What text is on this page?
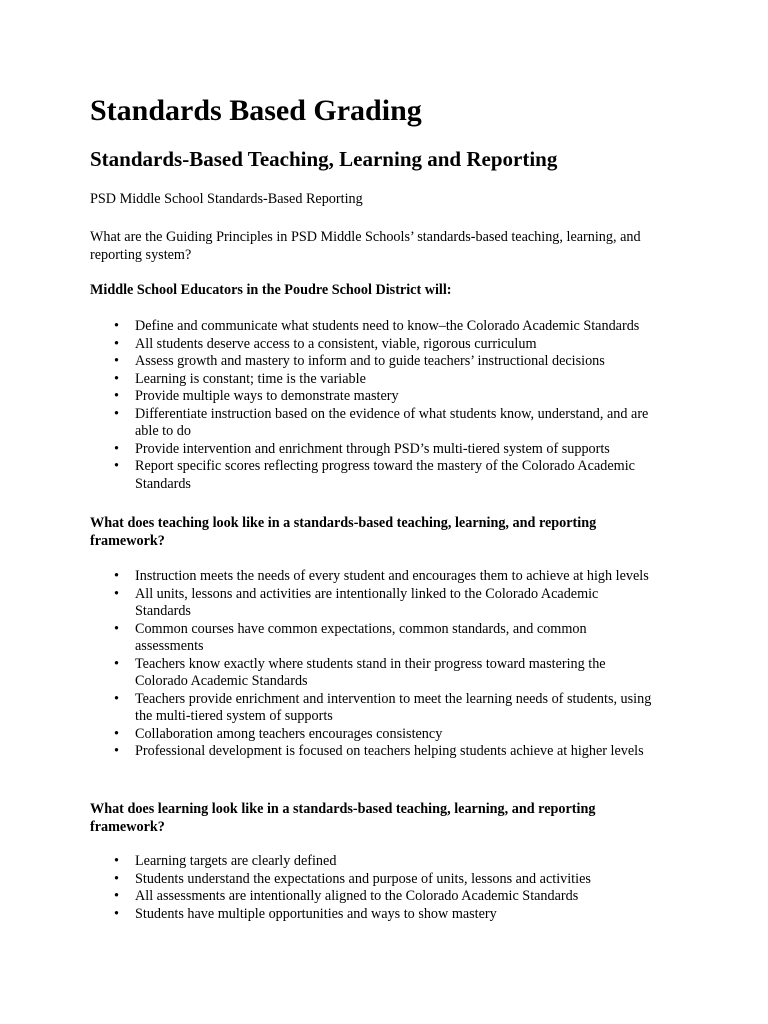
Standards Based Grading
Standards-Based Teaching, Learning and Reporting

PSD Middle School Standards-Based Reporting

What are the Guiding Principles in PSD Middle Schools’ standards-based teaching, learning, and reporting system?

Middle School Educators in the Poudre School District will:

• Define and communicate what students need to know–the Colorado Academic Standards
• All students deserve access to a consistent, viable, rigorous curriculum
• Assess growth and mastery to inform and to guide teachers’ instructional decisions
• Learning is constant; time is the variable
• Provide multiple ways to demonstrate mastery
• Differentiate instruction based on the evidence of what students know, understand, and are able to do
• Provide intervention and enrichment through PSD’s multi-tiered system of supports
• Report specific scores reflecting progress toward the mastery of the Colorado Academic Standards

What does teaching look like in a standards-based teaching, learning, and reporting framework?

• Instruction meets the needs of every student and encourages them to achieve at high levels
• All units, lessons and activities are intentionally linked to the Colorado Academic Standards
• Common courses have common expectations, common standards, and common assessments
• Teachers know exactly where students stand in their progress toward mastering the Colorado Academic Standards
• Teachers provide enrichment and intervention to meet the learning needs of students, using the multi-tiered system of supports
• Collaboration among teachers encourages consistency
• Professional development is focused on teachers helping students achieve at higher levels

What does learning look like in a standards-based teaching, learning, and reporting framework?

• Learning targets are clearly defined
• Students understand the expectations and purpose of units, lessons and activities
• All assessments are intentionally aligned to the Colorado Academic Standards
• Students have multiple opportunities and ways to show mastery
